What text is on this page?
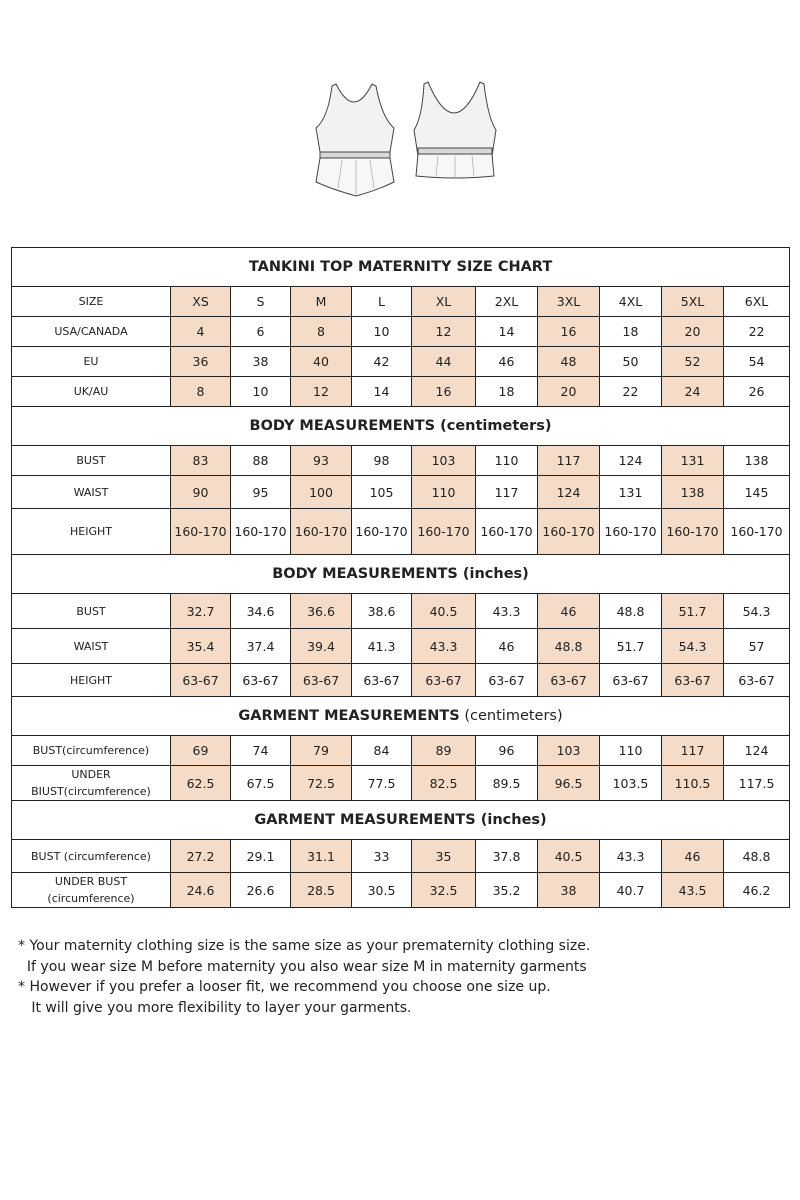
TANKINI TOP MATERNITY SIZE CHART										
SIZE	XS	S	M	L	XL	2XL	3XL	4XL	5XL	6XL
USA/CANADA	4	6	8	10	12	14	16	18	20	22
EU	36	38	40	42	44	46	48	50	52	54
UK/AU	8	10	12	14	16	18	20	22	24	26
BODY MEASUREMENTS (centimeters)										
BUST	83	88	93	98	103	110	117	124	131	138
WAIST	90	95	100	105	110	117	124	131	138	145
HEIGHT	160-170	160-170	160-170	160-170	160-170	160-170	160-170	160-170	160-170	160-170
BODY MEASUREMENTS (inches)										
BUST	32.7	34.6	36.6	38.6	40.5	43.3	46	48.8	51.7	54.3
WAIST	35.4	37.4	39.4	41.3	43.3	46	48.8	51.7	54.3	57
HEIGHT	63-67	63-67	63-67	63-67	63-67	63-67	63-67	63-67	63-67	63-67
GARMENT MEASUREMENTS (centimeters)										
BUST(circumference)	69	74	79	84	89	96	103	110	117	124
UNDER BIUST(circumference)	62.5	67.5	72.5	77.5	82.5	89.5	96.5	103.5	110.5	117.5
GARMENT MEASUREMENTS (inches)										
BUST (circumference)	27.2	29.1	31.1	33	35	37.8	40.5	43.3	46	48.8
UNDER BUST (circumference)	24.6	26.6	28.5	30.5	32.5	35.2	38	40.7	43.5	46.2
* Your maternity clothing size is the same size as your prematernity clothing size.
If you wear size M before maternity you also wear size M in maternity garments
* However if you prefer a looser fit, we recommend you choose one size up.
It will give you more flexibility to layer your garments.
